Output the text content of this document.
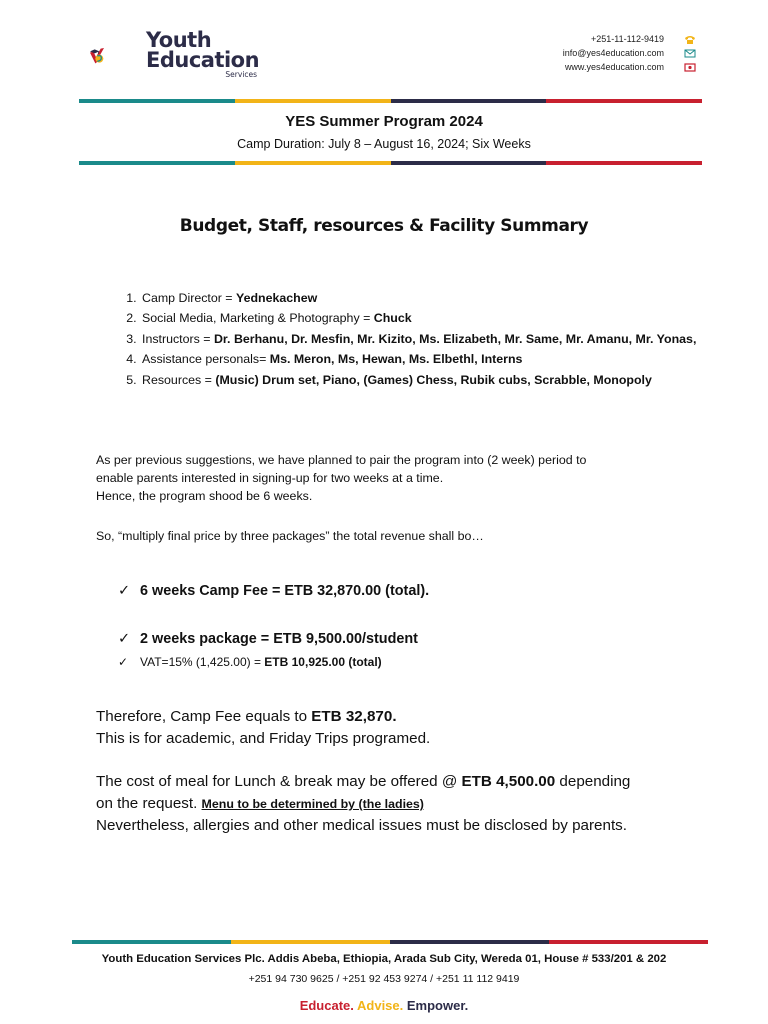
Youth
Education
Services
+251-11-112-9419
info@yes4education.com
www.yes4education.com
YES Summer Program 2024
Camp Duration: July 8 – August 16, 2024; Six Weeks
Budget, Staff, resources & Facility Summary
1. Camp Director = Yednekachew
2. Social Media, Marketing & Photography = Chuck
3. Instructors = Dr. Berhanu, Dr. Mesfin, Mr. Kizito, Ms. Elizabeth, Mr. Same, Mr. Amanu, Mr. Yonas,
4. Assistance personals= Ms. Meron, Ms, Hewan, Ms. Elbethl, Interns
5. Resources = (Music) Drum set, Piano, (Games) Chess, Rubik cubs, Scrabble, Monopoly
As per previous suggestions, we have planned to pair the program into (2 week) period to
enable parents interested in signing-up for two weeks at a time.
Hence, the program shood be 6 weeks.
So, “multiply final price by three packages” the total revenue shall bo…
✓ 6 weeks Camp Fee = ETB 32,870.00 (total).
✓ 2 weeks package = ETB 9,500.00/student
✓ VAT=15% (1,425.00) = ETB 10,925.00 (total)
Therefore, Camp Fee equals to ETB 32,870.
This is for academic, and Friday Trips programed.
The cost of meal for Lunch & break may be offered @ ETB 4,500.00 depending
on the request. Menu to be determined by (the ladies)
Nevertheless, allergies and other medical issues must be disclosed by parents.
Youth Education Services Plc. Addis Abeba, Ethiopia, Arada Sub City, Wereda 01, House # 533/201 & 202
+251 94 730 9625 / +251 92 453 9274 / +251 11 112 9419
Educate. Advise. Empower.
